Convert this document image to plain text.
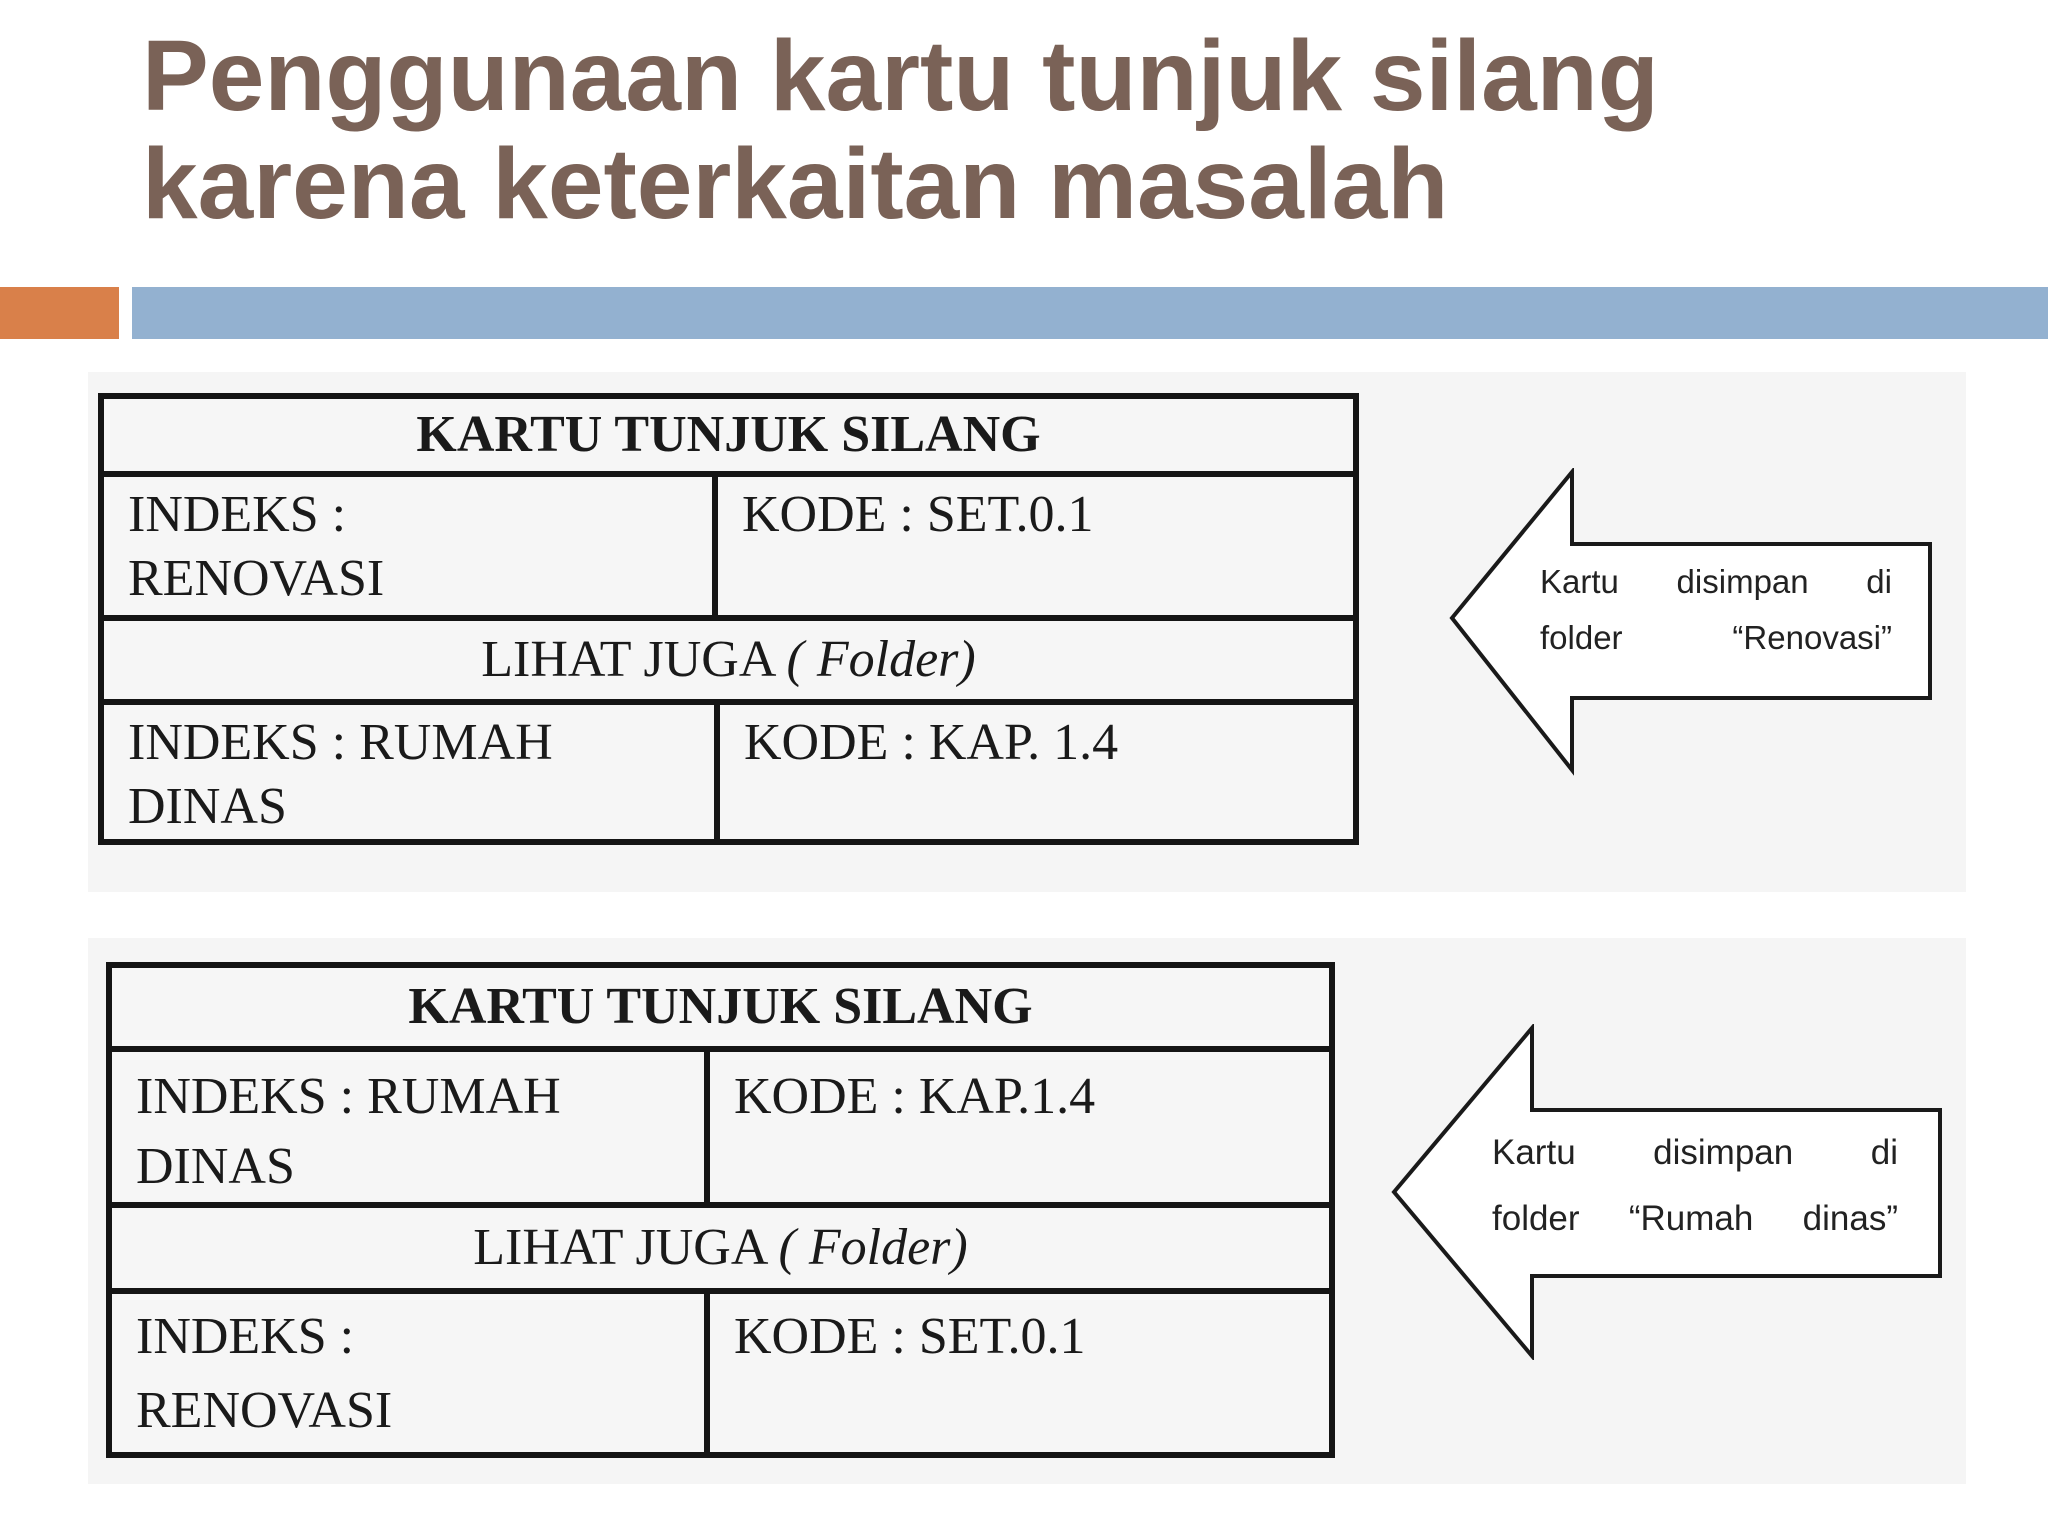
Penggunaan kartu tunjuk silang
karena keterkaitan masalah
KARTU TUNJUK SILANG
INDEKS :
RENOVASI
KODE : SET.0.1
LIHAT JUGA ( Folder)
INDEKS : RUMAH
DINAS
KODE : KAP. 1.4
Kartu disimpan di
folder “Renovasi”
KARTU TUNJUK SILANG
INDEKS : RUMAH
DINAS
KODE : KAP.1.4
LIHAT JUGA ( Folder)
INDEKS :
RENOVASI
KODE : SET.0.1
Kartu disimpan di
folder “Rumah dinas”
